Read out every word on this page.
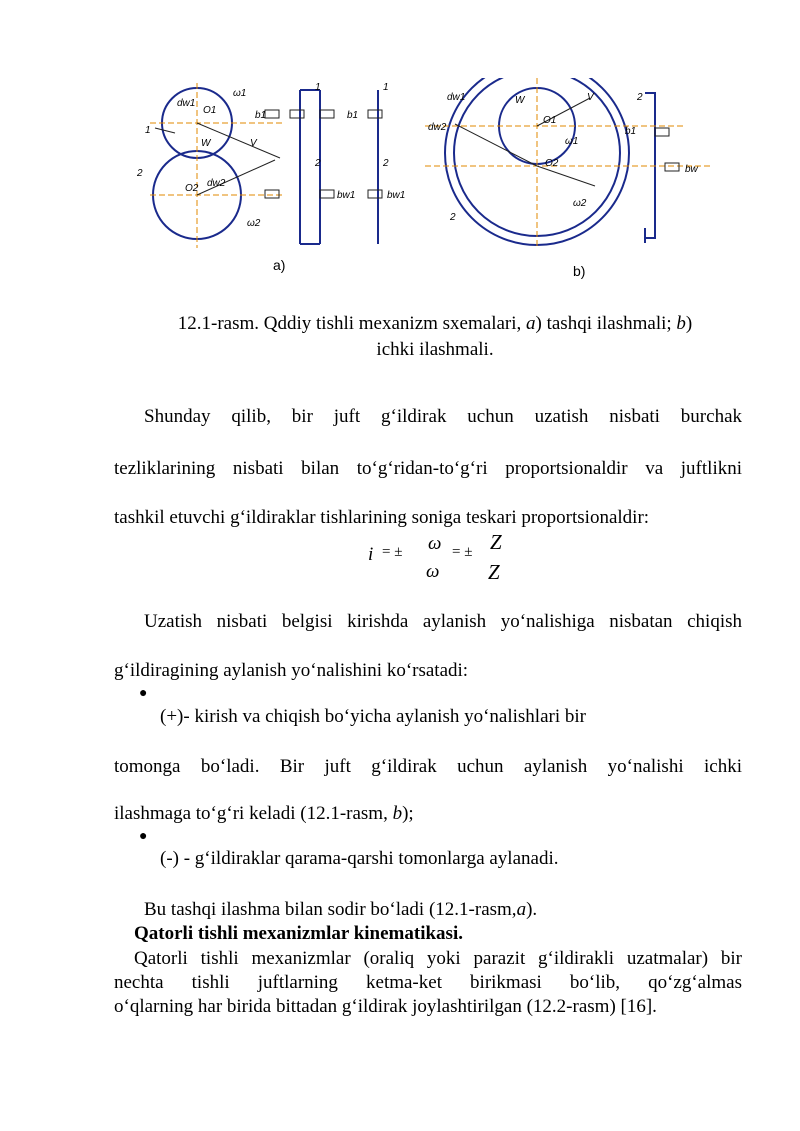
ω1
O1
dw1
1
W	V
2
O2 dw2
ω2
1
2
b1
bw1
b1
1
2
bw1
dw1
dw2
W	V
O1
ω1
O2
ω2
2
2
b1
bw
a)	b)
12.1-rasm. Qddiy tishli mexanizm sxemalari, a) tashqi ilashmali; b)
ichki ilashmali.
Shunday qilib, bir juft g‘ildirak uchun uzatish nisbati burchak
tezliklarining nisbati bilan to‘g‘ridan-to‘g‘ri proportsionaldir va juftlikni
tashkil etuvchi g‘ildiraklar tishlarining soniga teskari proportsionaldir:
i = ± ω
ω
= ± Z
Z
Uzatish nisbati belgisi kirishda aylanish yo‘nalishiga nisbatan chiqish
g‘ildiragining aylanish yo‘nalishini ko‘rsatadi:
●
(+)- kirish va chiqish bo‘yicha aylanish yo‘nalishlari bir
tomonga bo‘ladi. Bir juft g‘ildirak uchun aylanish yo‘nalishi ichki
ilashmaga to‘g‘ri keladi (12.1-rasm, b);
●
(-) - g‘ildiraklar qarama-qarshi tomonlarga aylanadi.
Bu tashqi ilashma bilan sodir bo‘ladi (12.1-rasm,a).
Qatorli tishli mexanizmlar kinematikasi.
Qatorli tishli mexanizmlar (oraliq yoki parazit g‘ildirakli uzatmalar) bir
nechta tishli juftlarning ketma-ket birikmasi bo‘lib, qo‘zg‘almas
o‘qlarning har birida bittadan g‘ildirak joylashtirilgan (12.2-rasm) [16].
